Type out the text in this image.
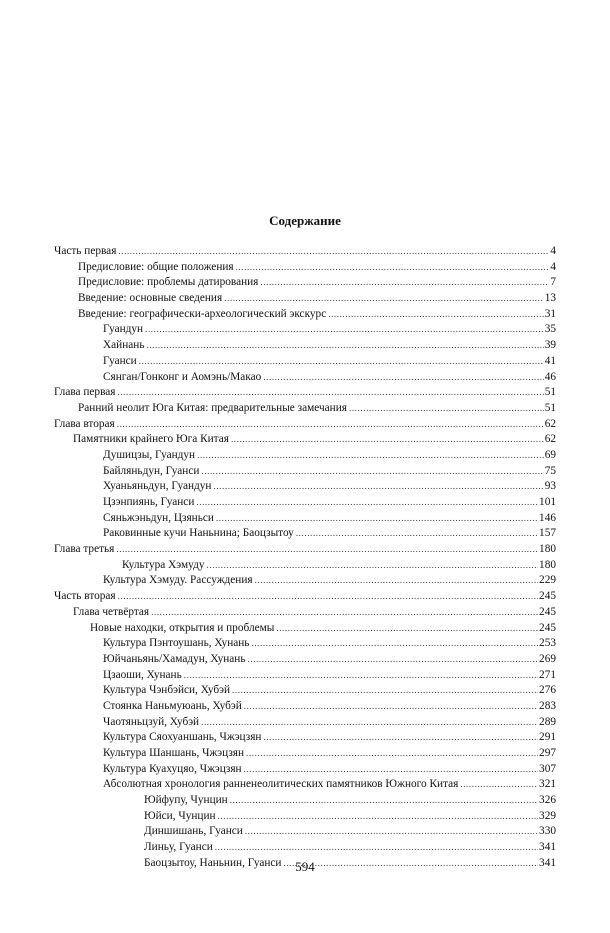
Содержание
Часть первая .....	4
Предисловие: общие положения .....	4
Предисловие: проблемы датирования .....	7
Введение: основные сведения .....	13
Введение: географически-археологический экскурс .....	31
Гуандун .....	35
Хайнань .....	39
Гуанси .....	41
Сянган/Гонконг и Аомэнь/Макао .....	46
Глава первая .....	51
Ранний неолит Юга Китая: предварительные замечания .....	51
Глава вторая .....	62
Памятники крайнего Юга Китая .....	62
Душицзы, Гуандун .....	69
Байляньдун, Гуанси .....	75
Хуаньяньдун, Гуандун .....	93
Цзэнпиянь, Гуанси .....	101
Сяньжэньдун, Цзяньси .....	146
Раковинные кучи Наньнина; Баоцзытоу .....	157
Глава третья .....	180
Культура Хэмуду .....	180
Культура Хэмуду. Рассуждения .....	229
Часть вторая .....	245
Глава четвёртая .....	245
Новые находки, открытия и проблемы .....	245
Культура Пэнтоушань, Хунань .....	253
Юйчаньянь/Хамадун, Хунань .....	269
Цзаоши, Хунань .....	271
Культура Чэнбэйси, Хубэй .....	276
Стоянка Наньмуюань, Хубэй .....	283
Чаотяньцзуй, Хубэй .....	289
Культура Сяохуаншань, Чжэцзян .....	291
Культура Шаншань, Чжэцзян .....	297
Культура Куахуцяо, Чжэцзян .....	307
Абсолютная хронология ранненеолитических памятников Южного Китая .....	321
Юйфупу, Чунцин .....	326
Юйси, Чунцин .....	329
Диншишань, Гуанси .....	330
Линьу, Гуанси .....	341
Баоцзытоу, Наньнин, Гуанси .....	341
594
